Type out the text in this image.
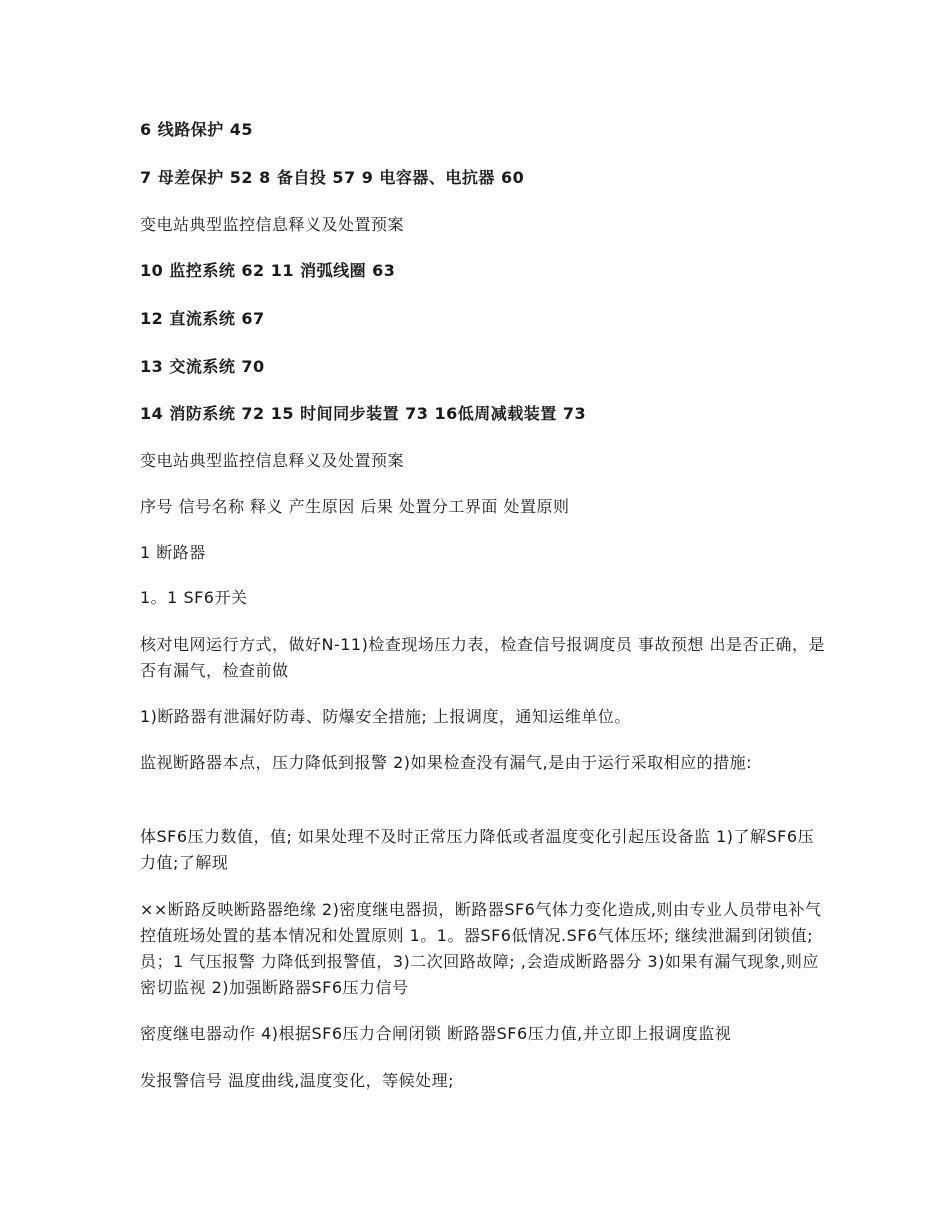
6 线路保护 45
7 母差保护 52 8 备自投 57 9 电容器、电抗器 60
变电站典型监控信息释义及处置预案
10 监控系统 62 11 消弧线圈 63
12 直流系统 67
13 交流系统 70
14 消防系统 72 15 时间同步装置 73 16低周减载装置 73
变电站典型监控信息释义及处置预案
序号 信号名称 释义 产生原因 后果 处置分工界面 处置原则
1 断路器
1。1 SF6开关
核对电网运行方式，做好N-11)检查现场压力表，检查信号报调度员 事故预想 出是否正确，是否有漏气，检查前做
1)断路器有泄漏好防毒、防爆安全措施; 上报调度，通知运维单位。
监视断路器本点，压力降低到报警 2)如果检查没有漏气,是由于运行采取相应的措施:
体SF6压力数值，值; 如果处理不及时正常压力降低或者温度变化引起压设备监 1)了解SF6压力值;了解现
××断路反映断路器绝缘 2)密度继电器损，断路器SF6气体力变化造成,则由专业人员带电补气控值班场处置的基本情况和处置原则 1。1。器SF6低情况.SF6气体压坏; 继续泄漏到闭锁值; 员；1 气压报警 力降低到报警值，3)二次回路故障; ,会造成断路器分 3)如果有漏气现象,则应密切监视 2)加强断路器SF6压力信号
密度继电器动作 4)根据SF6压力合闸闭锁 断路器SF6压力值,并立即上报调度监视
发报警信号 温度曲线,温度变化，等候处理;
